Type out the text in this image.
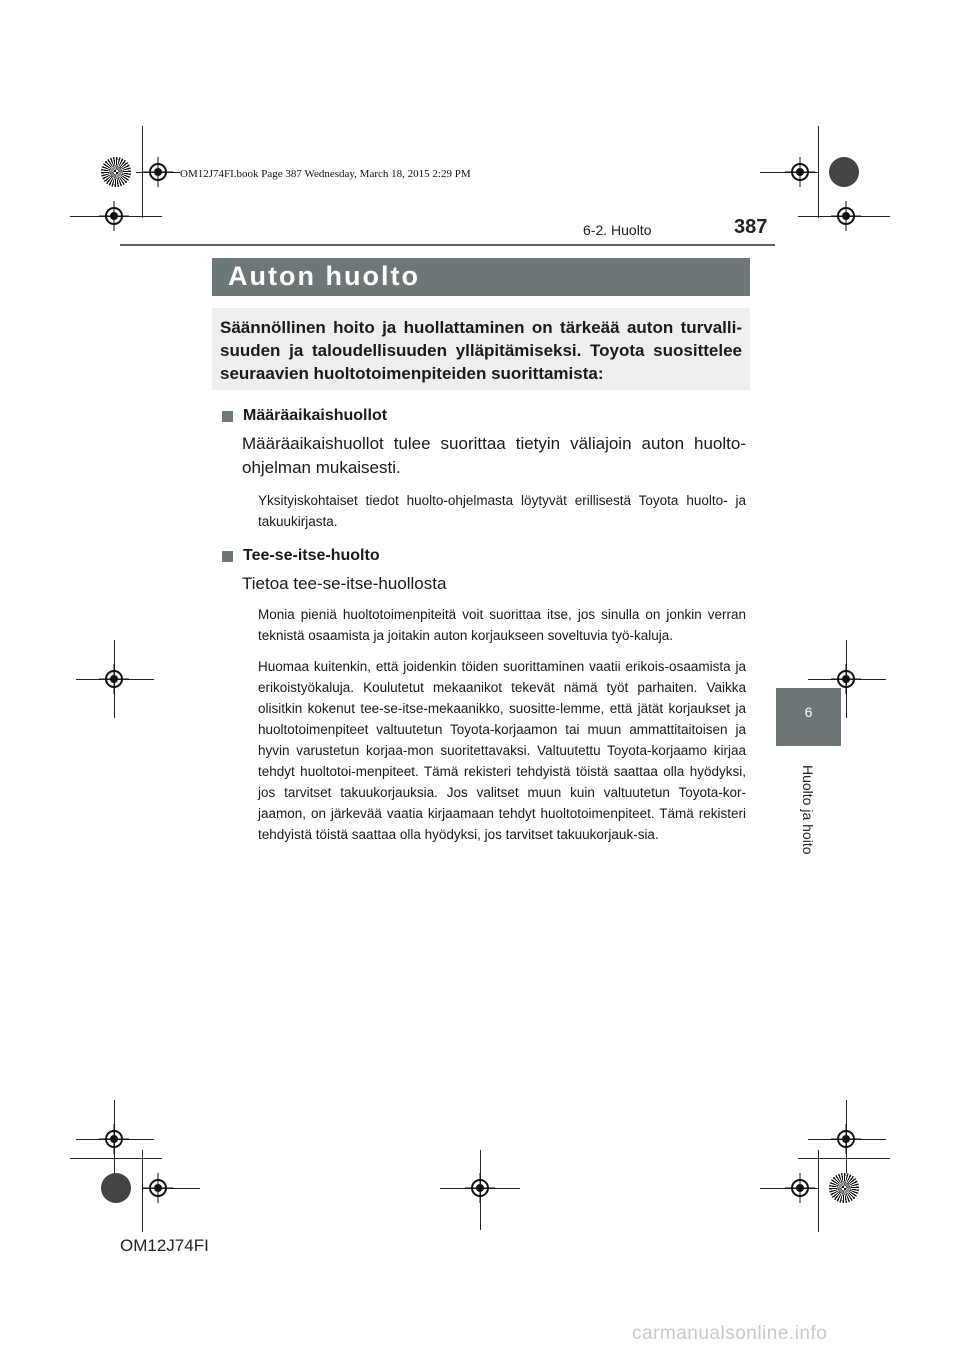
OM12J74FI.book Page 387 Wednesday, March 18, 2015 2:29 PM
6-2. Huolto	387
Auton huolto
Säännöllinen hoito ja huollattaminen on tärkeää auton turvalli-suuden ja taloudellisuuden ylläpitämiseksi. Toyota suosittelee seuraavien huoltotoimenpiteiden suorittamista:

Määräaikaishuollot

Määräaikaishuollot tulee suorittaa tietyin väliajoin auton huolto-ohjelman mukaisesti.

Yksityiskohtaiset tiedot huolto-ohjelmasta löytyvät erillisestä Toyota huolto- ja takuukirjasta.

Tee-se-itse-huolto

Tietoa tee-se-itse-huollosta

Monia pieniä huoltotoimenpiteitä voit suorittaa itse, jos sinulla on jonkin verran teknistä osaamista ja joitakin auton korjaukseen soveltuvia työ-kaluja.

Huomaa kuitenkin, että joidenkin töiden suorittaminen vaatii erikois-osaamista ja erikoistyökaluja. Koulutetut mekaanikot tekevät nämä työt parhaiten. Vaikka olisitkin kokenut tee-se-itse-mekaanikko, suositte-lemme, että jätät korjaukset ja huoltotoimenpiteet valtuutetun Toyota-korjaamon tai muun ammattitaitoisen ja hyvin varustetun korjaa-mon suoritettavaksi. Valtuutettu Toyota-korjaamo kirjaa tehdyt huoltotoi-menpiteet. Tämä rekisteri tehdyistä töistä saattaa olla hyödyksi, jos tarvitset takuukorjauksia. Jos valitset muun kuin valtuutetun Toyota-kor-jaamon, on järkevää vaatia kirjaamaan tehdyt huoltotoimenpiteet. Tämä rekisteri tehdyistä töistä saattaa olla hyödyksi, jos tarvitset takuukorjauk-sia.

6
Huolto ja hoito
OM12J74FI
carmanualsonline.info
